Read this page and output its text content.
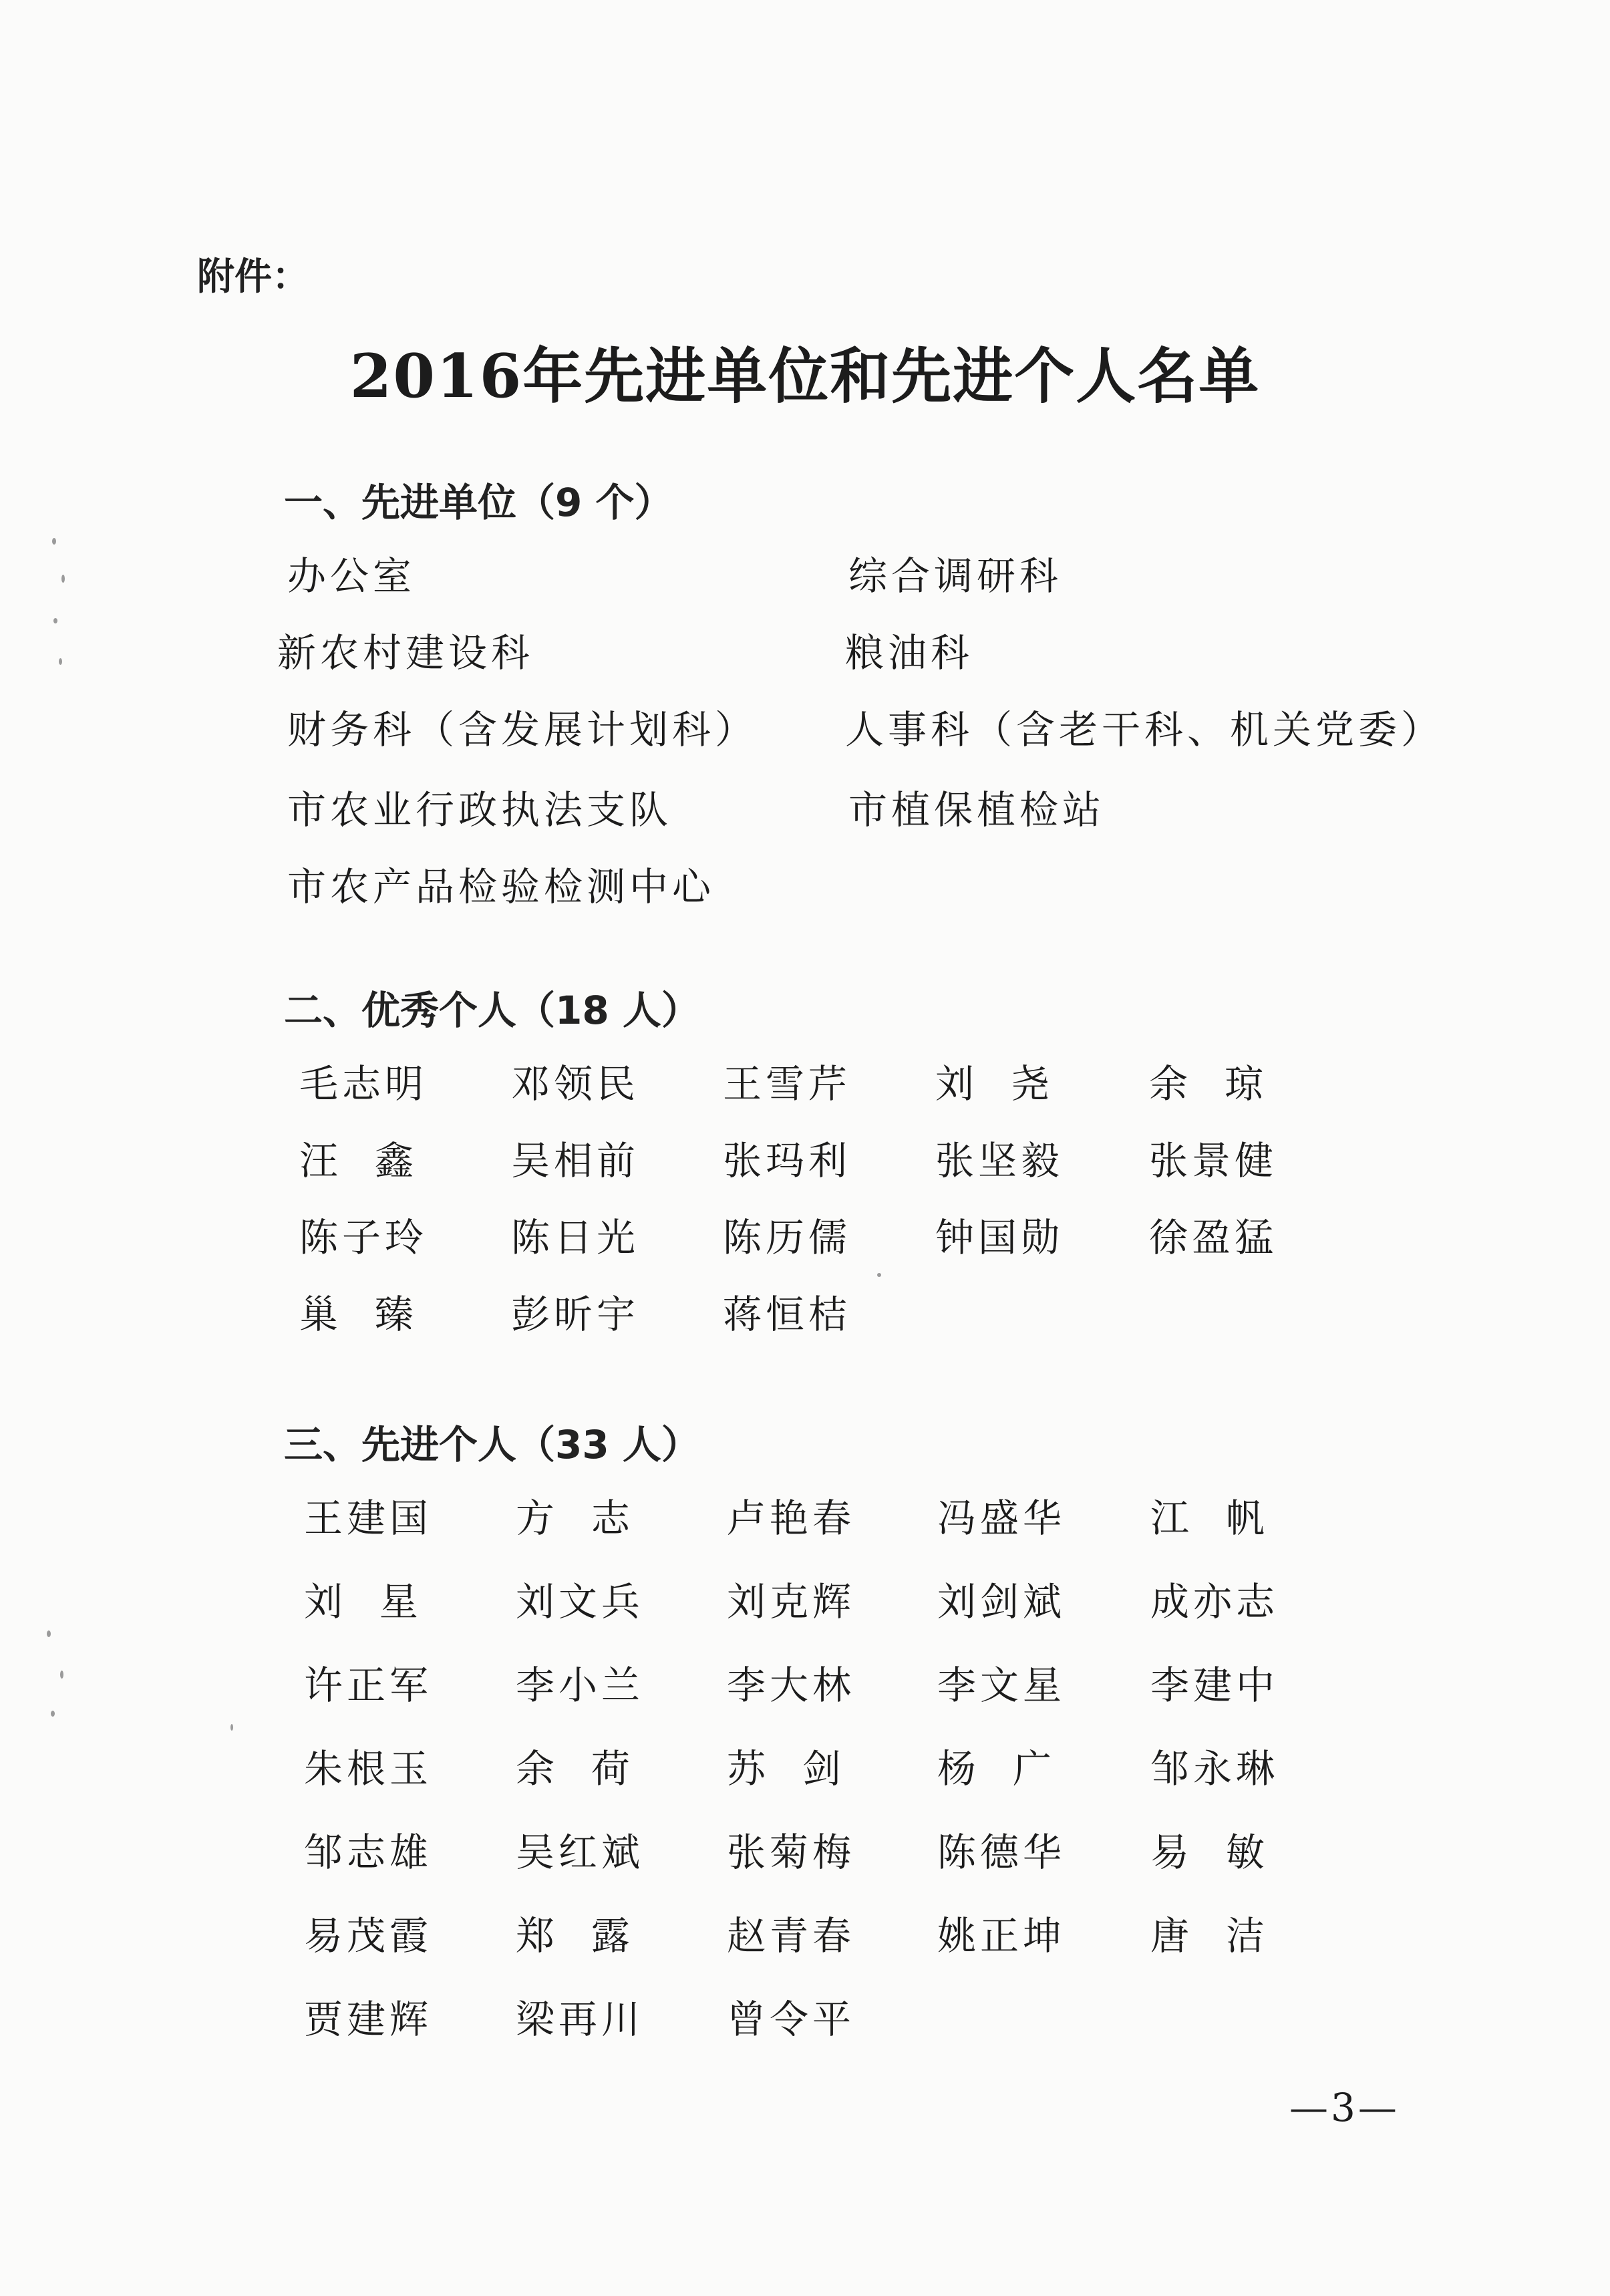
附件：
2016年先进单位和先进个人名单
一、先进单位（9 个）
办公室	综合调研科
新农村建设科	粮油科
财务科（含发展计划科） 人事科（含老干科、机关党委）
市农业行政执法支队	市植保植检站
市农产品检验检测中心
二、优秀个人（18 人）
毛志明 邓领民 王雪芹 刘  尧 余  琼
汪  鑫 吴相前 张玛利 张坚毅 张景健
陈子玲 陈日光 陈历儒 钟国勋 徐盈猛
巢  臻 彭昕宇 蒋恒桔
三、先进个人（33 人）
王建国 方  志 卢艳春 冯盛华 江  帆
刘  星 刘文兵 刘克辉 刘剑斌 成亦志
许正军 李小兰 李大林 李文星 李建中
朱根玉 余  荷 苏  剑 杨  广 邹永琳
邹志雄 吴红斌 张菊梅 陈德华 易  敏
易茂霞 郑  露 赵青春 姚正坤 唐  洁
贾建辉 梁再川 曾令平
—3—
